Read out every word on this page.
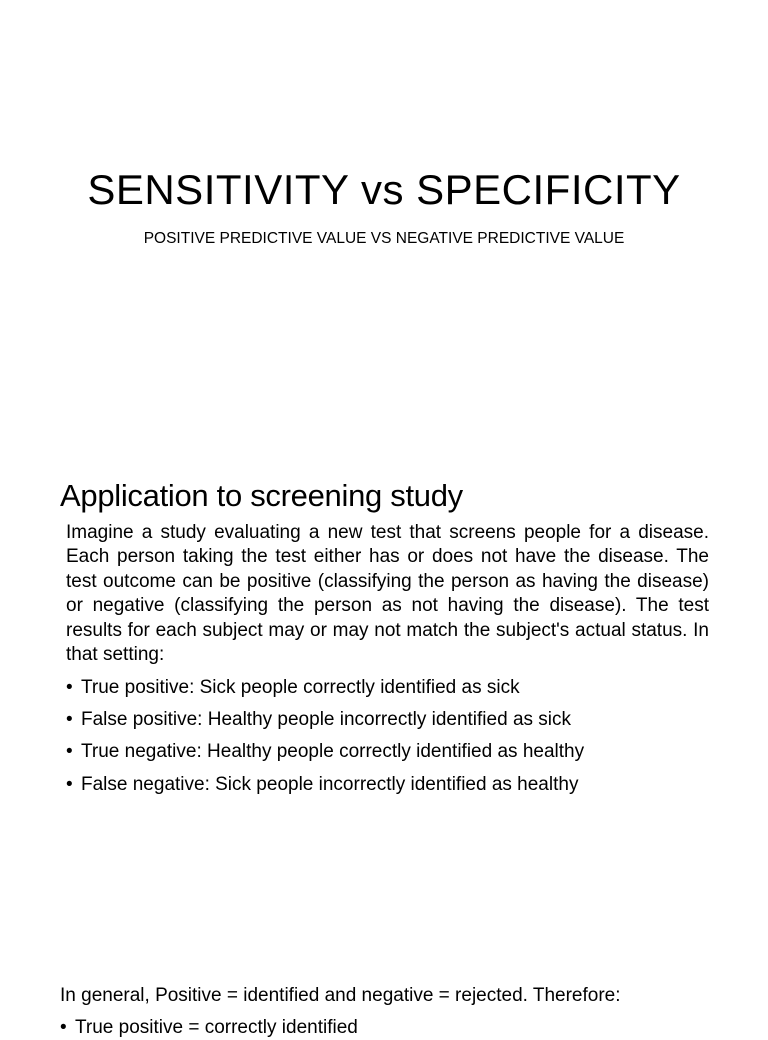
SENSITIVITY vs SPECIFICITY

POSITIVE PREDICTIVE VALUE VS NEGATIVE PREDICTIVE VALUE

Application to screening study

Imagine a study evaluating a new test that screens people for a disease. Each person taking the test either has or does not have the disease. The test outcome can be positive (classifying the person as having the disease) or negative (classifying the person as not having the disease). The test results for each subject may or may not match the subject's actual status. In that setting:

• True positive: Sick people correctly identified as sick
• False positive: Healthy people incorrectly identified as sick
• True negative: Healthy people correctly identified as healthy
• False negative: Sick people incorrectly identified as healthy

In general, Positive = identified and negative = rejected. Therefore:

• True positive = correctly identified
